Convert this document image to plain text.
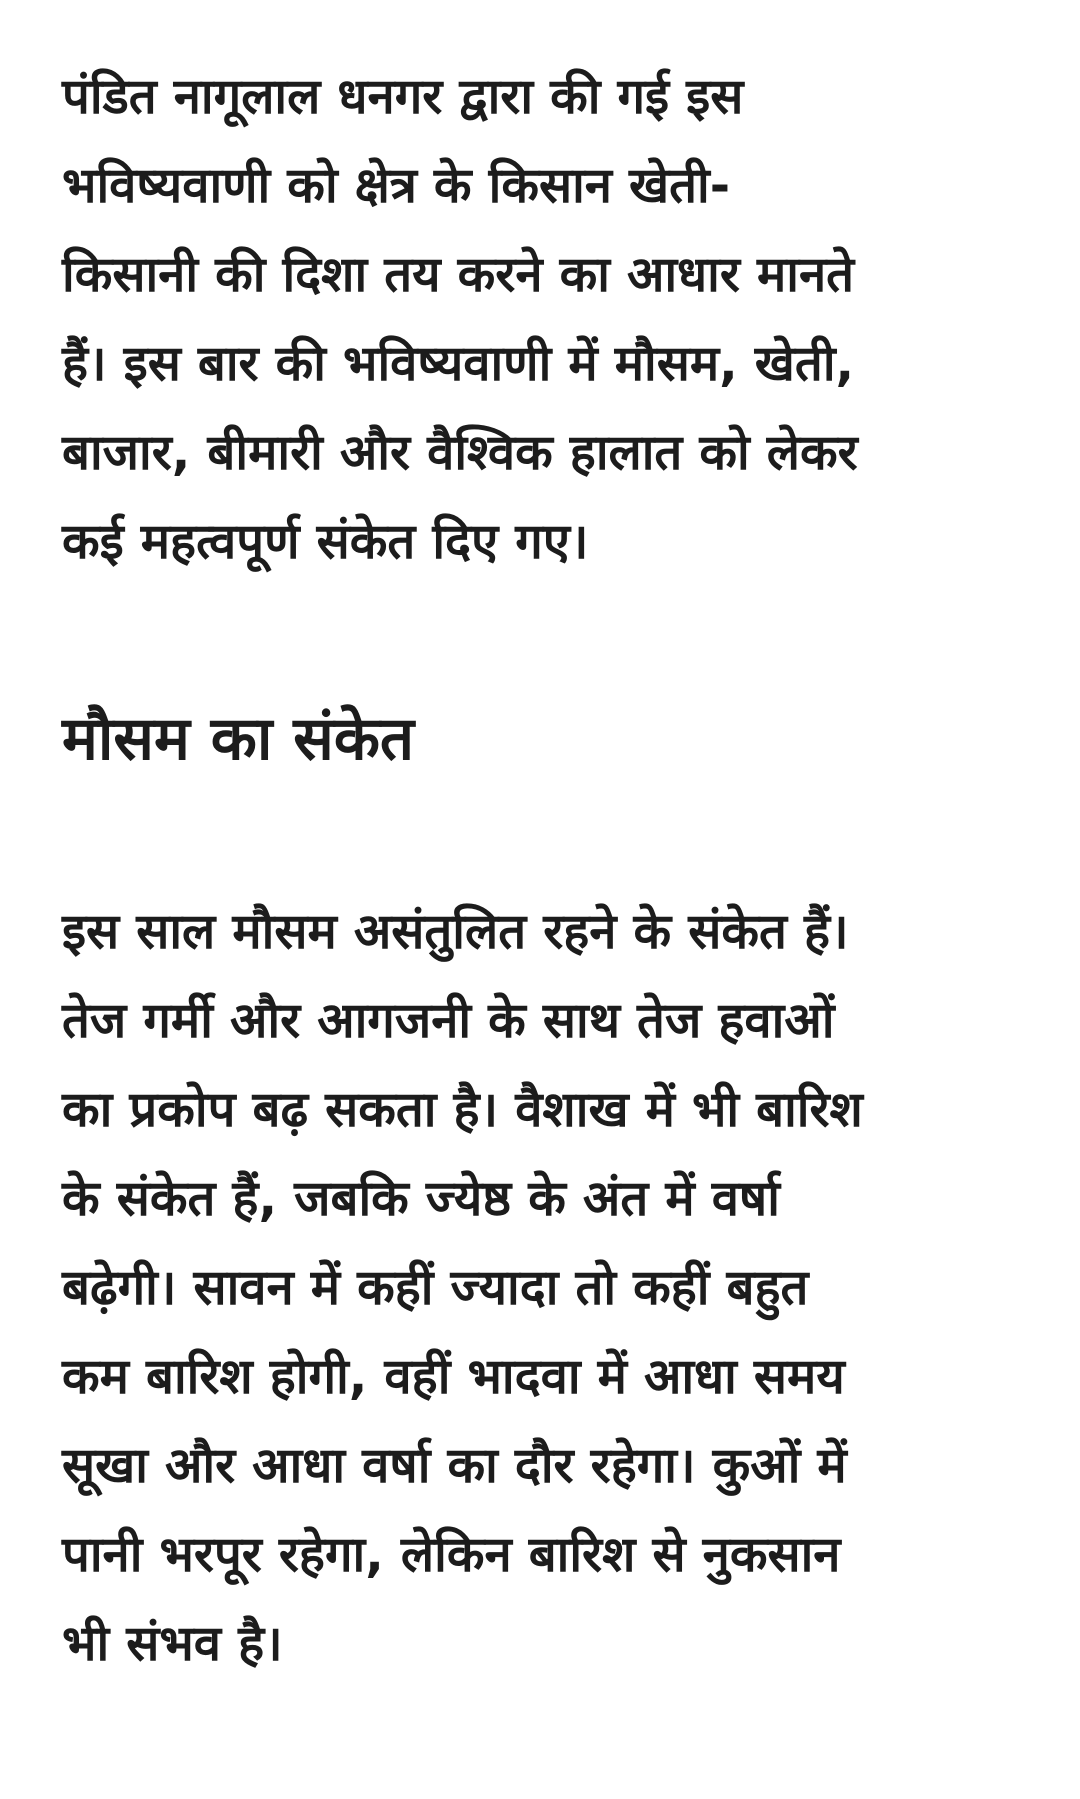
पंडित नागूलाल धनगर द्वारा की गई इस
भविष्यवाणी को क्षेत्र के किसान खेती-
किसानी की दिशा तय करने का आधार मानते
हैं। इस बार की भविष्यवाणी में मौसम, खेती,
बाजार, बीमारी और वैश्विक हालात को लेकर
कई महत्वपूर्ण संकेत दिए गए।

मौसम का संकेत

इस साल मौसम असंतुलित रहने के संकेत हैं।
तेज गर्मी और आगजनी के साथ तेज हवाओं
का प्रकोप बढ़ सकता है। वैशाख में भी बारिश
के संकेत हैं, जबकि ज्येष्ठ के अंत में वर्षा
बढ़ेगी। सावन में कहीं ज्यादा तो कहीं बहुत
कम बारिश होगी, वहीं भादवा में आधा समय
सूखा और आधा वर्षा का दौर रहेगा। कुओं में
पानी भरपूर रहेगा, लेकिन बारिश से नुकसान
भी संभव है।
